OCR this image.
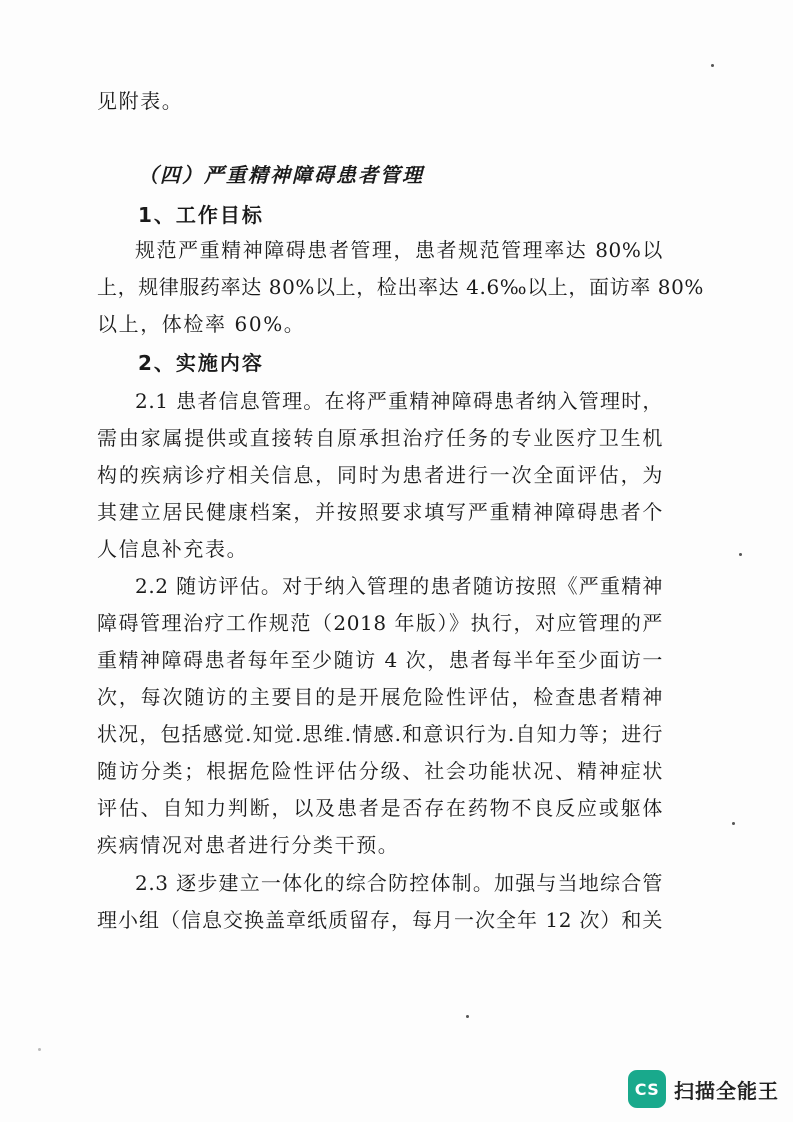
见附表。
（四）严重精神障碍患者管理
1、工作目标
规范严重精神障碍患者管理，患者规范管理率达 80%以
上，规律服药率达 80%以上，检出率达 4.6‰以上，面访率 80%
以上，体检率 60%。
2、实施内容
2.1 患者信息管理。在将严重精神障碍患者纳入管理时，
需由家属提供或直接转自原承担治疗任务的专业医疗卫生机
构的疾病诊疗相关信息，同时为患者进行一次全面评估，为
其建立居民健康档案，并按照要求填写严重精神障碍患者个
人信息补充表。
2.2 随访评估。对于纳入管理的患者随访按照《严重精神
障碍管理治疗工作规范（2018 年版）》执行，对应管理的严
重精神障碍患者每年至少随访 4 次，患者每半年至少面访一
次，每次随访的主要目的是开展危险性评估，检查患者精神
状况，包括感觉.知觉.思维.情感.和意识行为.自知力等；进行
随访分类；根据危险性评估分级、社会功能状况、精神症状
评估、自知力判断，以及患者是否存在药物不良反应或躯体
疾病情况对患者进行分类干预。
2.3 逐步建立一体化的综合防控体制。加强与当地综合管
理小组（信息交换盖章纸质留存，每月一次全年 12 次）和关
CS 扫描全能王
